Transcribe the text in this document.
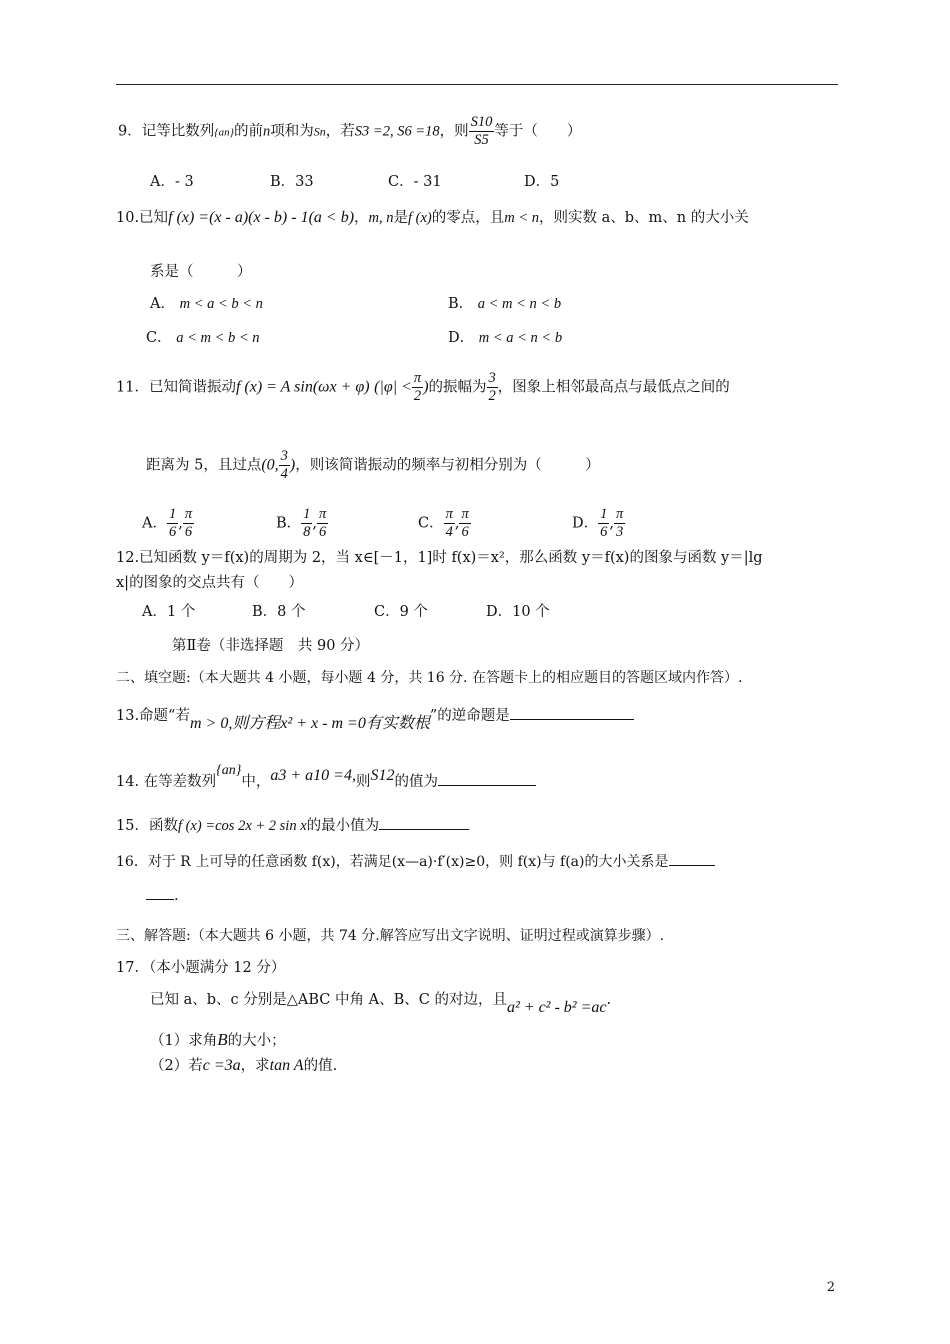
9．记等比数列{an}的前n项和为Sn，若S3 =2, S6 =18，则 $\frac{S10}{S5}$ 等于（　　）
A．- 3	B．33	C．- 31	D．5
10.已知f (x) =(x - a)(x - b) - 1(a < b)，m, n是f (x)的零点，且m < n，则实数 a、b、m、n 的大小关
系是（　　　）
A． m < a < b < n	B． a < m < n < b
C． a < m < b < n	D． m < a < n < b
11．已知简谐振动f (x) = A sin(ωx + φ) ($|\varphi| < \frac{\pi}{2}$ )的振幅为 $\frac{3}{2}$ ，图象上相邻最高点与最低点之间的
距离为 5，且过点(0, $\frac{3}{4}$ )，则该简谐振动的频率与初相分别为（　　　）
A． $\frac{1}{6}$ , $\frac{\pi}{6}$	B． $\frac{1}{8}$ , $\frac{\pi}{6}$	C． $\frac{\pi}{4}$ , $\frac{\pi}{6}$	D． $\frac{1}{6}$ , $\frac{\pi}{3}$
12.已知函数 y＝f(x)的周期为 2，当 x∈[－1，1]时 f(x)＝x²，那么函数 y＝f(x)的图象与函数 y＝|lg
x|的图象的交点共有（　　）
A．1 个	B．8 个	C．9 个	D．10 个
第Ⅱ卷（非选择题　共 90 分）
二、填空题:（本大题共 4 小题，每小题 4 分，共 16 分. 在答题卡上的相应题目的答题区域内作答）.
13.命题“若m > 0,则方程x² + x - m =0有实数根”的逆命题是
14. 在等差数列{an}中，a3 + a10 =4,则S12的值为
15．函数f (x) =cos 2x + 2 sin x的最小值为
16．对于 R 上可导的任意函数 f(x)，若满足(x—a)·f′(x)≥0，则 f(x)与 f(a)的大小关系是
.
三、解答题:（本大题共 6 小题，共 74 分.解答应写出文字说明、证明过程或演算步骤）.
17．（本小题满分 12 分）
已知 a、b、c 分别是△ABC 中角 A、B、C 的对边，且a² + c² - b² =ac.
（1）求角B的大小；
（2）若c =3a，求tan A的值.
2
